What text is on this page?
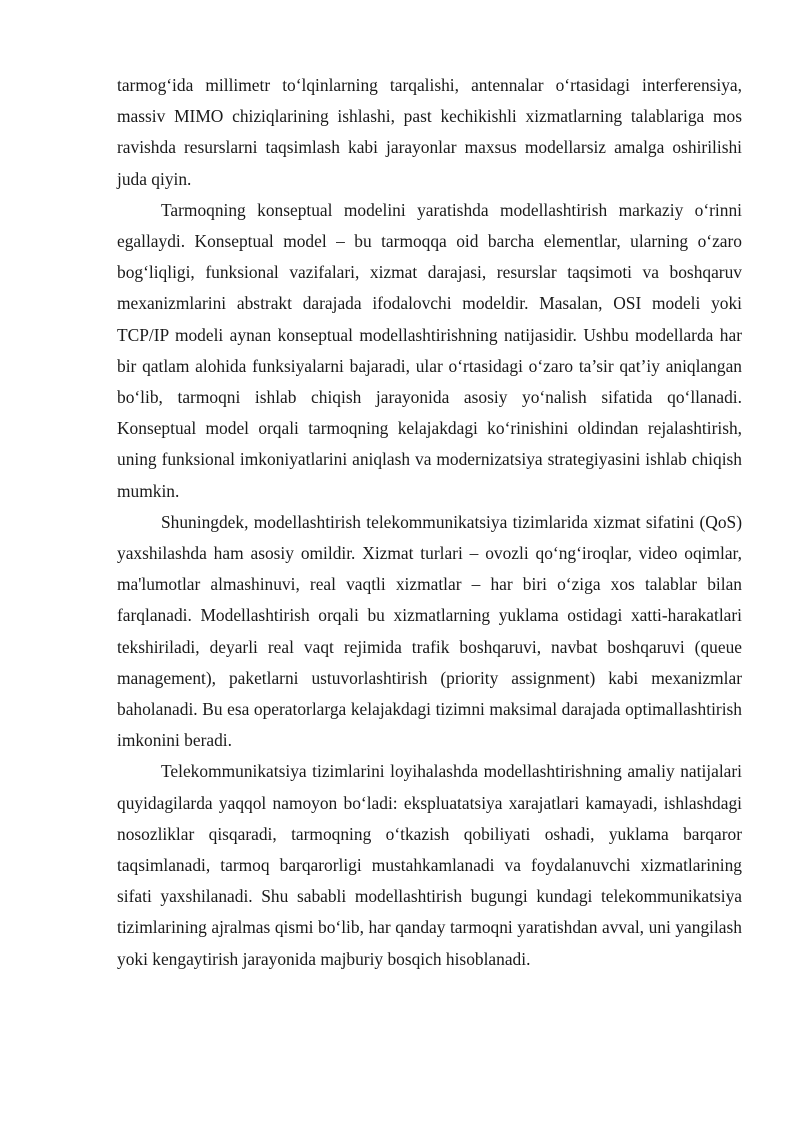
tarmog‘ida millimetr to‘lqinlarning tarqalishi, antennalar o‘rtasidagi interferensiya, massiv MIMO chiziqlarining ishlashi, past kechikishli xizmatlarning talablariga mos ravishda resurslarni taqsimlash kabi jarayonlar maxsus modellarsiz amalga oshirilishi juda qiyin.

Tarmoqning konseptual modelini yaratishda modellashtirish markaziy o‘rinni egallaydi. Konseptual model – bu tarmoqqa oid barcha elementlar, ularning o‘zaro bog‘liqligi, funksional vazifalari, xizmat darajasi, resurslar taqsimoti va boshqaruv mexanizmlarini abstrakt darajada ifodalovchi modeldir. Masalan, OSI modeli yoki TCP/IP modeli aynan konseptual modellashtirishning natijasidir. Ushbu modellarda har bir qatlam alohida funksiyalarni bajaradi, ular o‘rtasidagi o‘zaro ta’sir qat’iy aniqlangan bo‘lib, tarmoqni ishlab chiqish jarayonida asosiy yo‘nalish sifatida qo‘llanadi. Konseptual model orqali tarmoqning kelajakdagi ko‘rinishini oldindan rejalashtirish, uning funksional imkoniyatlarini aniqlash va modernizatsiya strategiyasini ishlab chiqish mumkin.

Shuningdek, modellashtirish telekommunikatsiya tizimlarida xizmat sifatini (QoS) yaxshilashda ham asosiy omildir. Xizmat turlari – ovozli qo‘ng‘iroqlar, video oqimlar, ma'lumotlar almashinuvi, real vaqtli xizmatlar – har biri o‘ziga xos talablar bilan farqlanadi. Modellashtirish orqali bu xizmatlarning yuklama ostidagi xatti-harakatlari tekshiriladi, deyarli real vaqt rejimida trafik boshqaruvi, navbat boshqaruvi (queue management), paketlarni ustuvorlashtirish (priority assignment) kabi mexanizmlar baholanadi. Bu esa operatorlarga kelajakdagi tizimni maksimal darajada optimallashtirish imkonini beradi.

Telekommunikatsiya tizimlarini loyihalashda modellashtirishning amaliy natijalari quyidagilarda yaqqol namoyon bo‘ladi: ekspluatatsiya xarajatlari kamayadi, ishlashdagi nosozliklar qisqaradi, tarmoqning o‘tkazish qobiliyati oshadi, yuklama barqaror taqsimlanadi, tarmoq barqarorligi mustahkamlanadi va foydalanuvchi xizmatlarining sifati yaxshilanadi. Shu sababli modellashtirish bugungi kundagi telekommunikatsiya tizimlarining ajralmas qismi bo‘lib, har qanday tarmoqni yaratishdan avval, uni yangilash yoki kengaytirish jarayonida majburiy bosqich hisoblanadi.
